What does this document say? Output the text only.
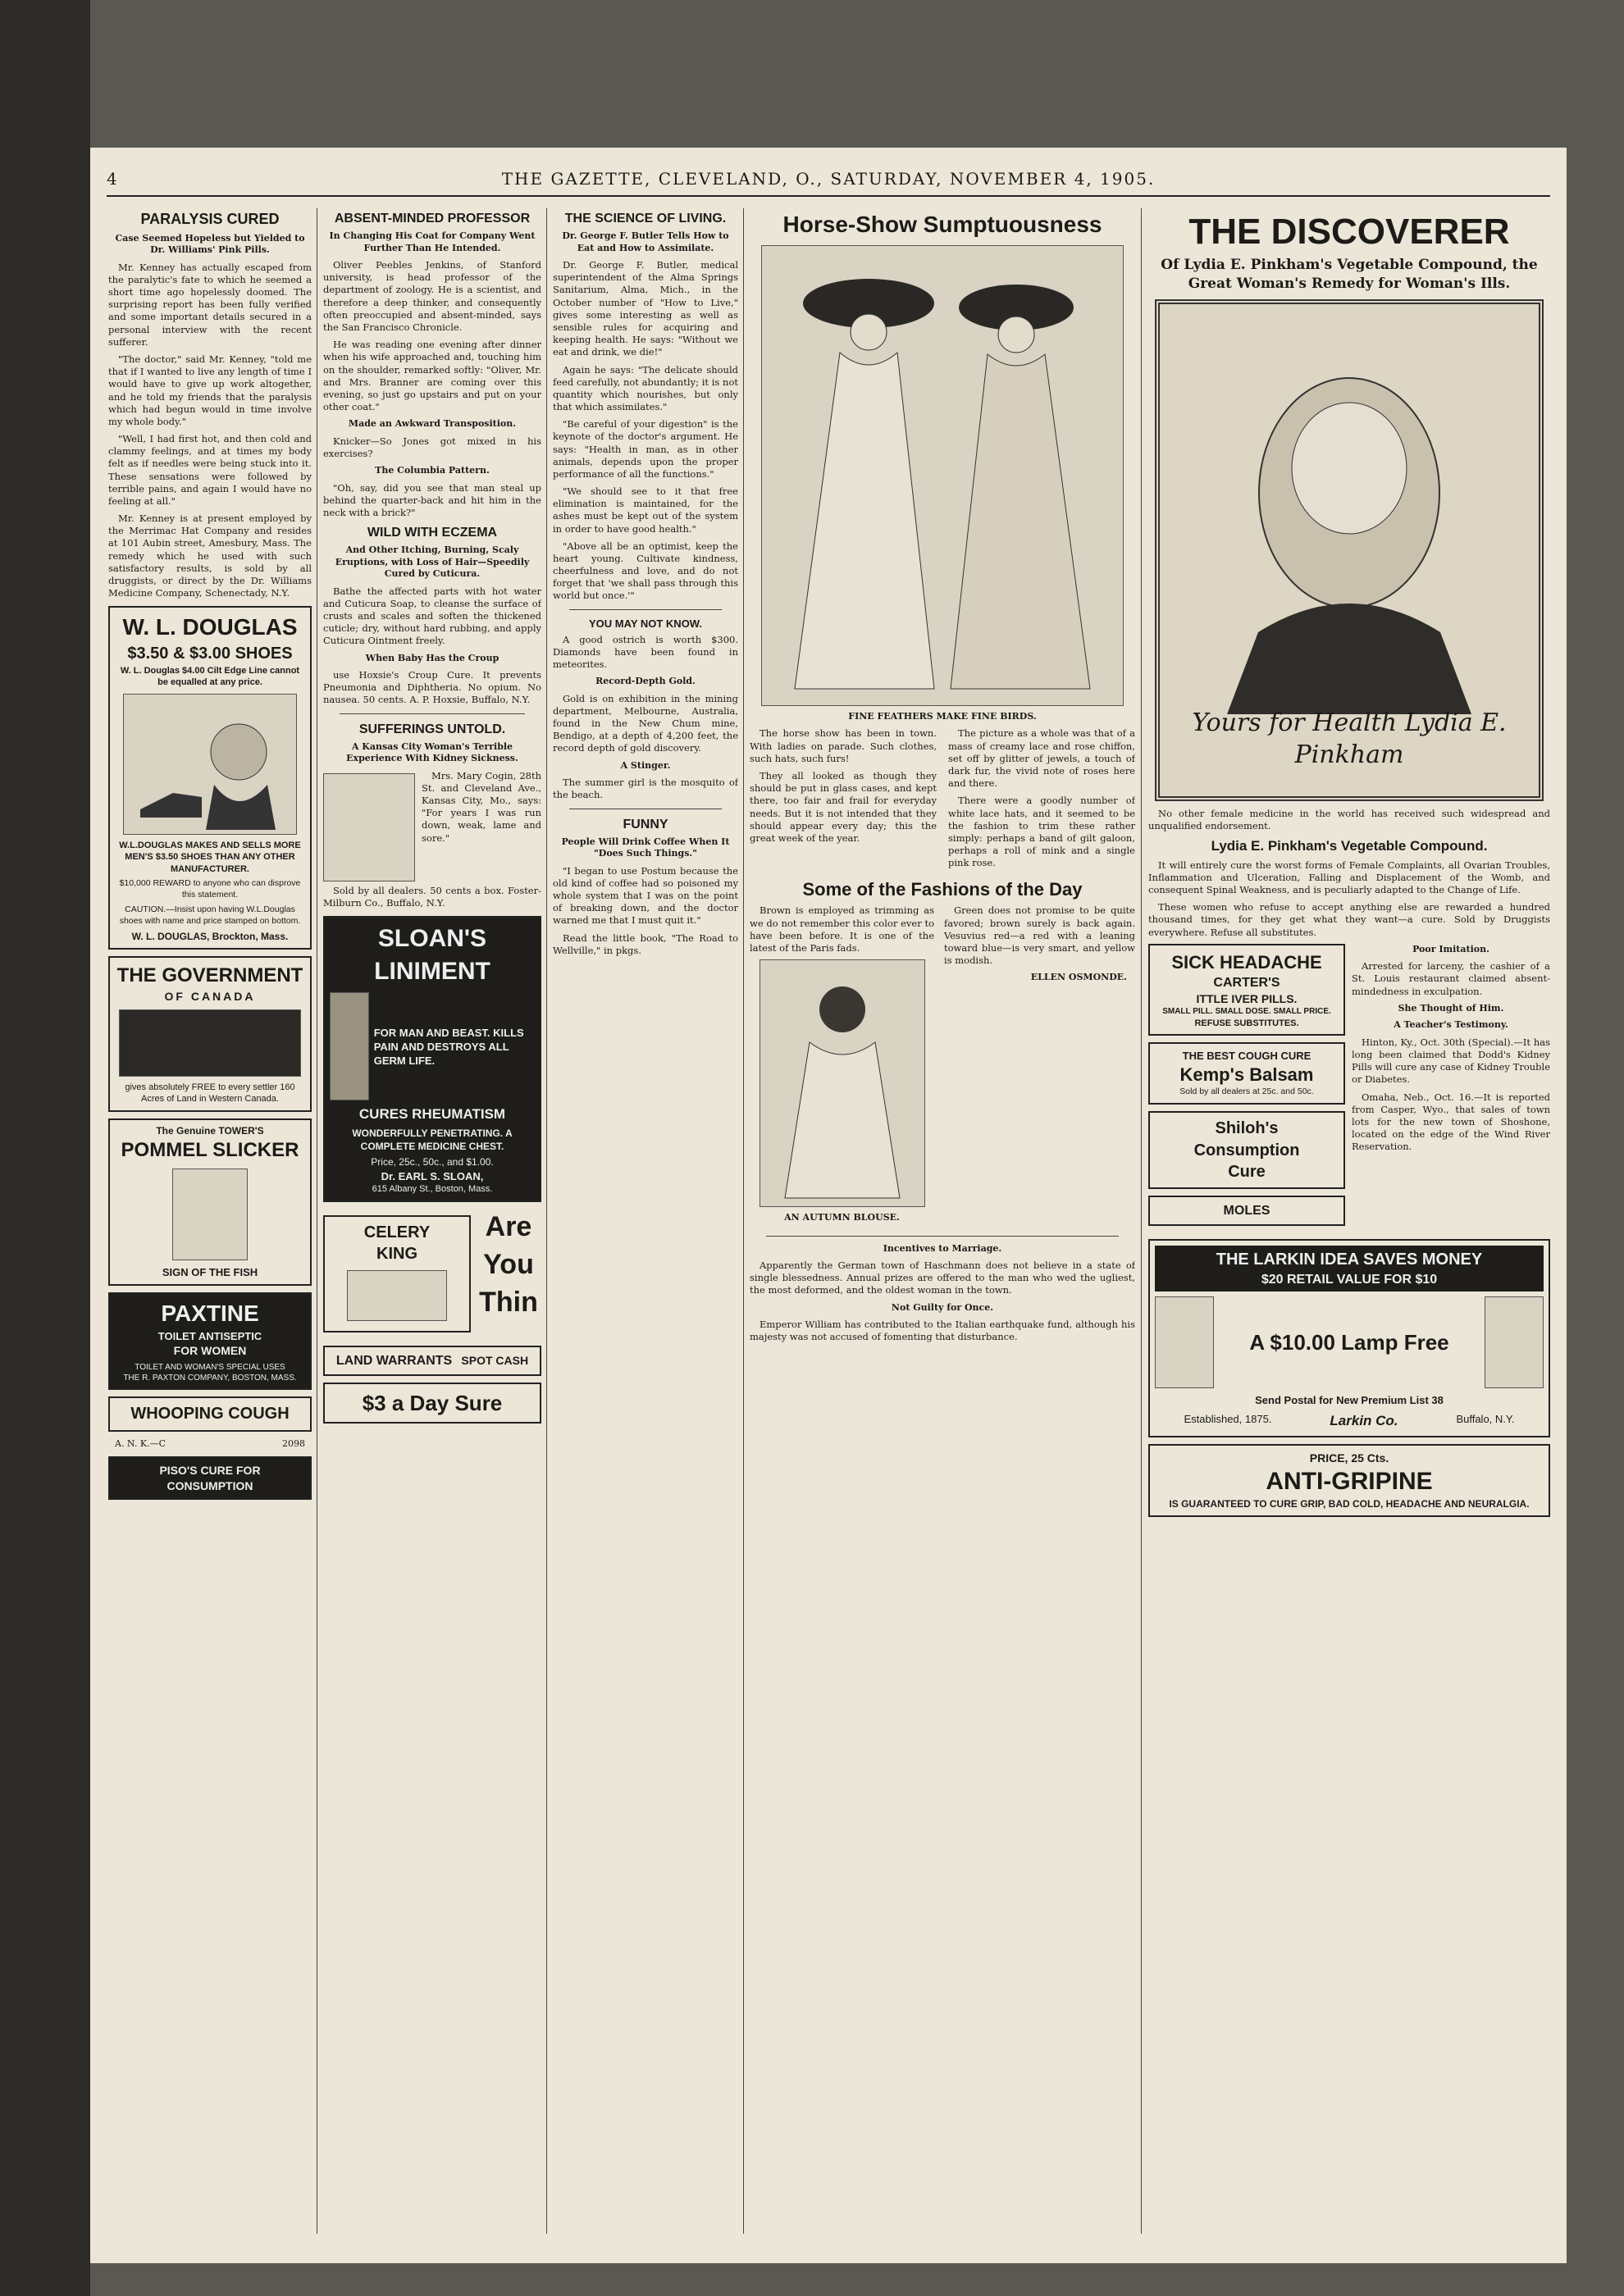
4	THE GAZETTE, CLEVELAND, O., SATURDAY, NOVEMBER 4, 1905.
PARALYSIS CURED
Case Seemed Hopeless but Yielded to Dr. Williams' Pink Pills.

Mr. Kenney has actually escaped from the paralytic's fate to which he seemed a short time ago hopelessly doomed. The surprising report has been fully verified and some important details secured in a personal interview with the recent sufferer.

"The doctor," said Mr. Kenney, "told me that if I wanted to live any length of time I would have to give up work altogether, and he told my friends that the paralysis which had begun would in time involve my whole body."

"Well, I had first hot, and then cold and clammy feelings, and at times my body felt as if needles were being stuck into it. These sensations were followed by terrible pains, and again I would have no feeling at all."

Mr. Kenney is at present employed by the Merrimac Hat Company and resides at 101 Aubin street, Amesbury, Mass. The remedy which he used with such satisfactory results, is sold by all druggists, or direct by the Dr. Williams Medicine Company, Schenectady, N.Y.

W. L. DOUGLAS
$3.50 & $3.00 SHOES
W. L. Douglas $4.00 Cilt Edge Line cannot be equalled at any price.
W.L.DOUGLAS MAKES AND SELLS MORE MEN'S $3.50 SHOES THAN ANY OTHER MANUFACTURER.
$10,000 REWARD to anyone who can disprove this statement.
CAUTION.—Insist upon having W.L.Douglas shoes with name and price stamped on bottom.
W. L. DOUGLAS, Brockton, Mass.
THE GOVERNMENT
OF CANADA
gives absolutely FREE to every settler 160 Acres of Land in Western Canada.
The Genuine TOWER'S
POMMEL SLICKER
SIGN OF THE FISH
PAXTINE
TOILET ANTISEPTIC
FOR WOMEN
TOILET AND WOMAN'S SPECIAL USES
THE R. PAXTON COMPANY, BOSTON, MASS.
WHOOPING COUGH
A. N. K.—C	2098
PISO'S CURE FOR
CONSUMPTION
ABSENT-MINDED PROFESSOR
In Changing His Coat for Company Went Further Than He Intended.

Oliver Peebles Jenkins, of Stanford university, is head professor of the department of zoology. He is a scientist, and therefore a deep thinker, and consequently often preoccupied and absent-minded, says the San Francisco Chronicle.

He was reading one evening after dinner when his wife approached and, touching him on the shoulder, remarked softly: "Oliver, Mr. and Mrs. Branner are coming over this evening, so just go upstairs and put on your other coat."

Made an Awkward Transposition.

Knicker—So Jones got mixed in his exercises?

The Columbia Pattern.

"Oh, say, did you see that man steal up behind the quarter-back and hit him in the neck with a brick?"

WILD WITH ECZEMA
And Other Itching, Burning, Scaly Eruptions, with Loss of Hair—Speedily Cured by Cuticura.

Bathe the affected parts with hot water and Cuticura Soap, to cleanse the surface of crusts and scales and soften the thickened cuticle; dry, without hard rubbing, and apply Cuticura Ointment freely.

When Baby Has the Croup

use Hoxsie's Croup Cure. It prevents Pneumonia and Diphtheria. No opium. No nausea. 50 cents. A. P. Hoxsie, Buffalo, N.Y.

SUFFERINGS UNTOLD.
A Kansas City Woman's Terrible Experience With Kidney Sickness.

Mrs. Mary Cogin, 28th St. and Cleveland Ave., Kansas City, Mo., says: "For years I was run down, weak, lame and sore."

Sold by all dealers. 50 cents a box. Foster-Milburn Co., Buffalo, N.Y.

SLOAN'S
LINIMENT
FOR MAN AND BEAST. KILLS PAIN AND DESTROYS ALL GERM LIFE.
CURES RHEUMATISM
WONDERFULLY PENETRATING. A COMPLETE MEDICINE CHEST.
Price, 25c., 50c., and $1.00.
Dr. EARL S. SLOAN,
615 Albany St., Boston, Mass.
CELERY
KING
Are
You
Thin
LAND WARRANTS SPOT CASH
$3 a Day Sure
THE SCIENCE OF LIVING.
Dr. George F. Butler Tells How to Eat and How to Assimilate.

Dr. George F. Butler, medical superintendent of the Alma Springs Sanitarium, Alma, Mich., in the October number of "How to Live," gives some interesting as well as sensible rules for acquiring and keeping health. He says: "Without we eat and drink, we die!"

Again he says: "The delicate should feed carefully, not abundantly; it is not quantity which nourishes, but only that which assimilates."

"Be careful of your digestion" is the keynote of the doctor's argument. He says: "Health in man, as in other animals, depends upon the proper performance of all the functions."

"We should see to it that free elimination is maintained, for the ashes must be kept out of the system in order to have good health."

"Above all be an optimist, keep the heart young. Cultivate kindness, cheerfulness and love, and do not forget that 'we shall pass through this world but once.'"

YOU MAY NOT KNOW.

A good ostrich is worth $300. Diamonds have been found in meteorites.

Record-Depth Gold.

Gold is on exhibition in the mining department, Melbourne, Australia, found in the New Chum mine, Bendigo, at a depth of 4,200 feet, the record depth of gold discovery.

A Stinger.

The summer girl is the mosquito of the beach.

FUNNY
People Will Drink Coffee When It "Does Such Things."

"I began to use Postum because the old kind of coffee had so poisoned my whole system that I was on the point of breaking down, and the doctor warned me that I must quit it."

Read the little book, "The Road to Wellville," in pkgs.

Horse-Show Sumptuousness
FINE FEATHERS MAKE FINE BIRDS.

The horse show has been in town. With ladies on parade. Such clothes, such hats, such furs!

They all looked as though they should be put in glass cases, and kept there, too fair and frail for everyday needs. But it is not intended that they should appear every day; this the great week of the year.

The picture as a whole was that of a mass of creamy lace and rose chiffon, set off by glitter of jewels, a touch of dark fur, the vivid note of roses here and there.

There were a goodly number of white lace hats, and it seemed to be the fashion to trim these rather simply: perhaps a band of gilt galoon, perhaps a roll of mink and a single pink rose.

Some of the Fashions of the Day

Brown is employed as trimming as we do not remember this color ever to have been before. It is one of the latest of the Paris fads.

AN AUTUMN BLOUSE.

Green does not promise to be quite favored; brown surely is back again. Vesuvius red—a red with a leaning toward blue—is very smart, and yellow is modish.

ELLEN OSMONDE.
Incentives to Marriage.

Apparently the German town of Haschmann does not believe in a state of single blessedness. Annual prizes are offered to the man who wed the ugliest, the most deformed, and the oldest woman in the town.

Not Guilty for Once.

Emperor William has contributed to the Italian earthquake fund, although his majesty was not accused of fomenting that disturbance.

THE DISCOVERER
Of Lydia E. Pinkham's Vegetable Compound, the Great Woman's Remedy for Woman's Ills.
Yours for Health Lydia E. Pinkham

No other female medicine in the world has received such widespread and unqualified endorsement.

Lydia E. Pinkham's Vegetable Compound.

It will entirely cure the worst forms of Female Complaints, all Ovarian Troubles, Inflammation and Ulceration, Falling and Displacement of the Womb, and consequent Spinal Weakness, and is peculiarly adapted to the Change of Life.

These women who refuse to accept anything else are rewarded a hundred thousand times, for they get what they want—a cure. Sold by Druggists everywhere. Refuse all substitutes.

SICK HEADACHE
CARTER'S
ITTLE IVER PILLS.
SMALL PILL. SMALL DOSE. SMALL PRICE.
REFUSE SUBSTITUTES.
THE BEST COUGH CURE
Kemp's Balsam
Sold by all dealers at 25c. and 50c.
Shiloh's
Consumption
Cure
MOLES
Poor Imitation.

Arrested for larceny, the cashier of a St. Louis restaurant claimed absent-mindedness in exculpation.

She Thought of Him.
A Teacher's Testimony.

Hinton, Ky., Oct. 30th (Special).—It has long been claimed that Dodd's Kidney Pills will cure any case of Kidney Trouble or Diabetes.

Omaha, Neb., Oct. 16.—It is reported from Casper, Wyo., that sales of town lots for the new town of Shoshone, located on the edge of the Wind River Reservation.

THE LARKIN IDEA SAVES MONEY
$20 RETAIL VALUE FOR $10
A $10.00 Lamp Free
Send Postal for New Premium List 38
Established, 1875.	Larkin Co.	Buffalo, N.Y.
PRICE, 25 Cts.
ANTI-GRIPINE
IS GUARANTEED TO CURE GRIP, BAD COLD, HEADACHE AND NEURALGIA.
